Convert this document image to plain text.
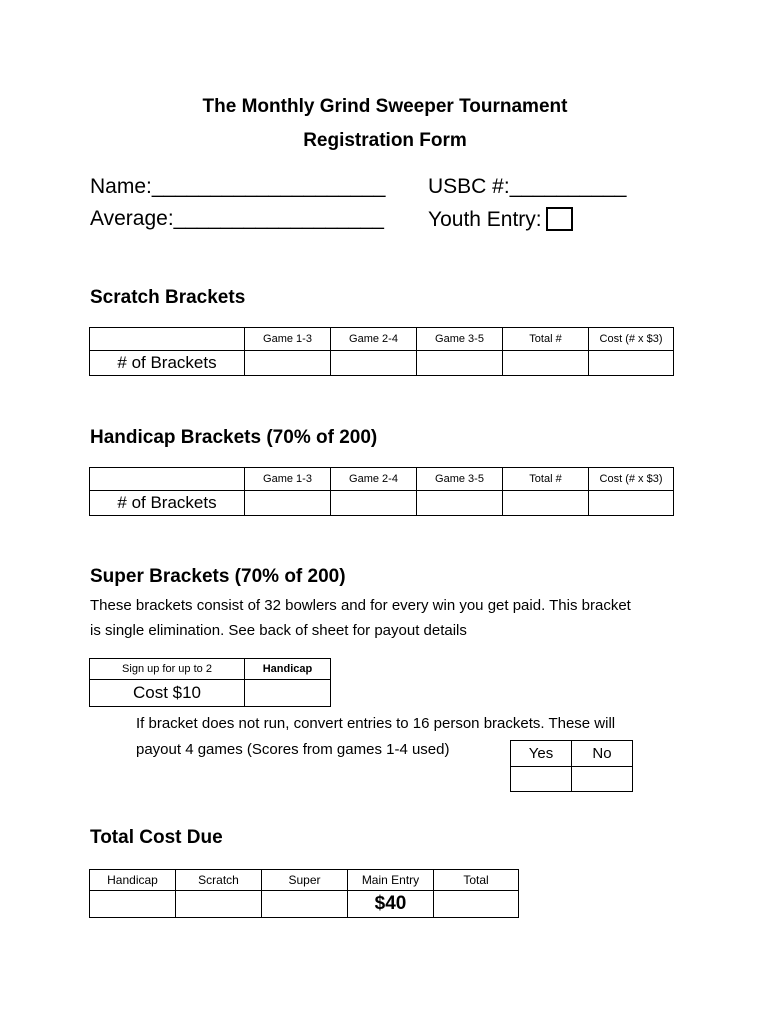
The Monthly Grind Sweeper Tournament
Registration Form
Name:____________________ USBC #:__________
Average:__________________ Youth Entry:
Scratch Brackets
	Game 1-3	Game 2-4	Game 3-5	Total #	Cost (# x $3)
# of Brackets					
Handicap Brackets (70% of 200)
	Game 1-3	Game 2-4	Game 3-5	Total #	Cost (# x $3)
# of Brackets					
Super Brackets (70% of 200)
These brackets consist of 32 bowlers and for every win you get paid. This bracket
is single elimination. See back of sheet for payout details
Sign up for up to 2	Handicap
Cost $10	
If bracket does not run, convert entries to 16 person brackets. These will
payout 4 games (Scores from games 1-4 used)	Yes	No

Total Cost Due
Handicap	Scratch	Super	Main Entry	Total
			$40	
